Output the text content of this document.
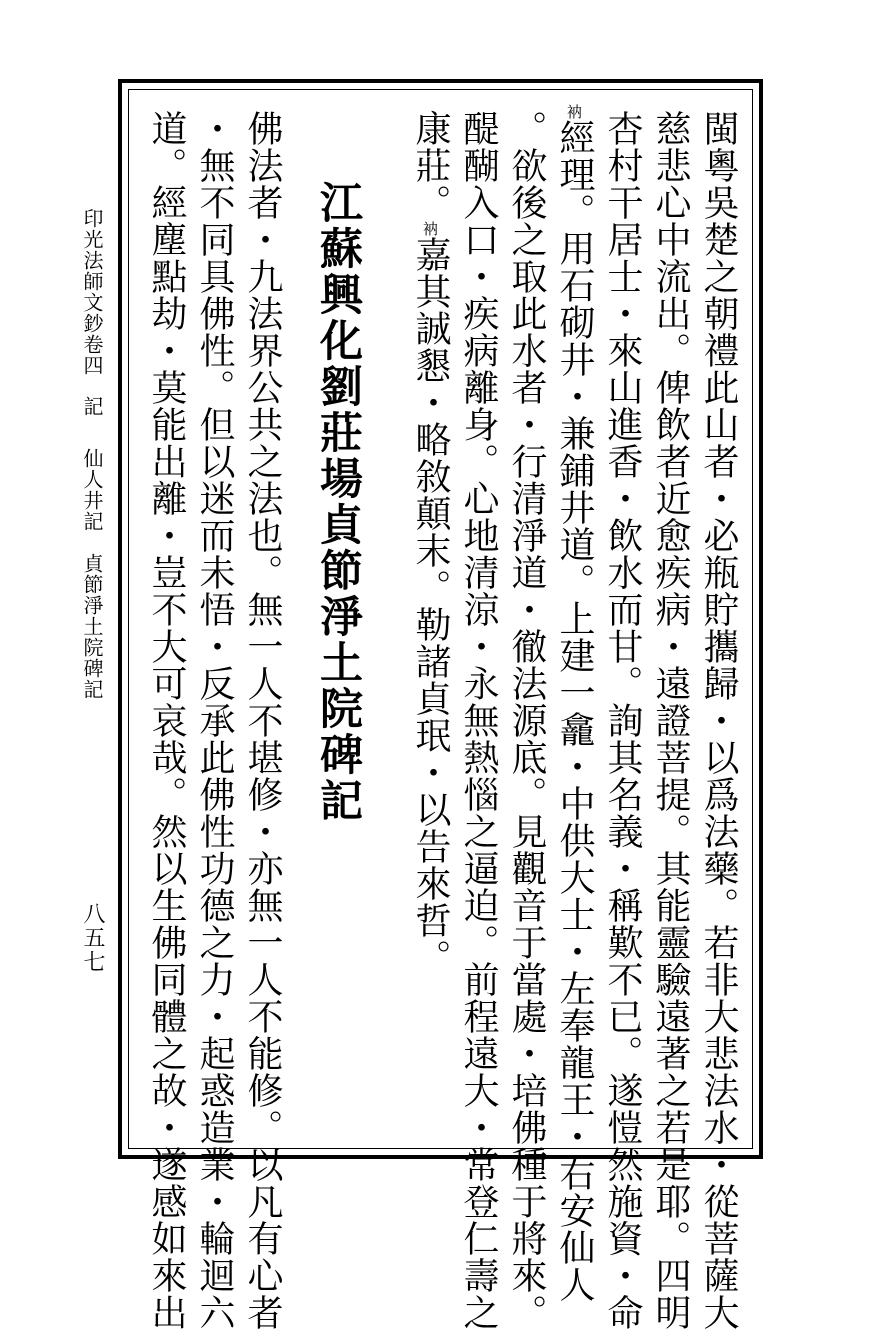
印光法師文鈔卷四
記
仙人井記　貞節淨土院碑記
八五七	閩粵吳楚之朝禮此山者・必瓶貯攜歸・以爲法藥。若非大悲法水・從菩薩大
慈悲心中流出。俾飲者近愈疾病・遠證菩提。其能靈驗遠著之若是耶。四明
杏村干居士・來山進香・飲水而甘。詢其名義・稱歎不已。遂愷然施資・命
衲經理。用石砌井・兼鋪井道。上建一龕・中供大士・左奉龍王・右安仙人
。欲後之取此水者・行清淨道・徹法源底。見觀音于當處・培佛種于將來。
醍醐入口・疾病離身。心地清涼・永無熱惱之逼迫。前程遠大・常登仁壽之
康莊。衲嘉其誠懇・略敘顛末。勒諸貞珉・以告來哲。
江蘇興化劉莊場貞節淨土院碑記
佛法者・九法界公共之法也。無一人不堪修・亦無一人不能修。以凡有心者
・無不同具佛性。但以迷而未悟・反承此佛性功德之力・起惑造業・輪迴六
道。經塵點劫・莫能出離・豈不大可哀哉。然以生佛同體之故・遂感如來出
